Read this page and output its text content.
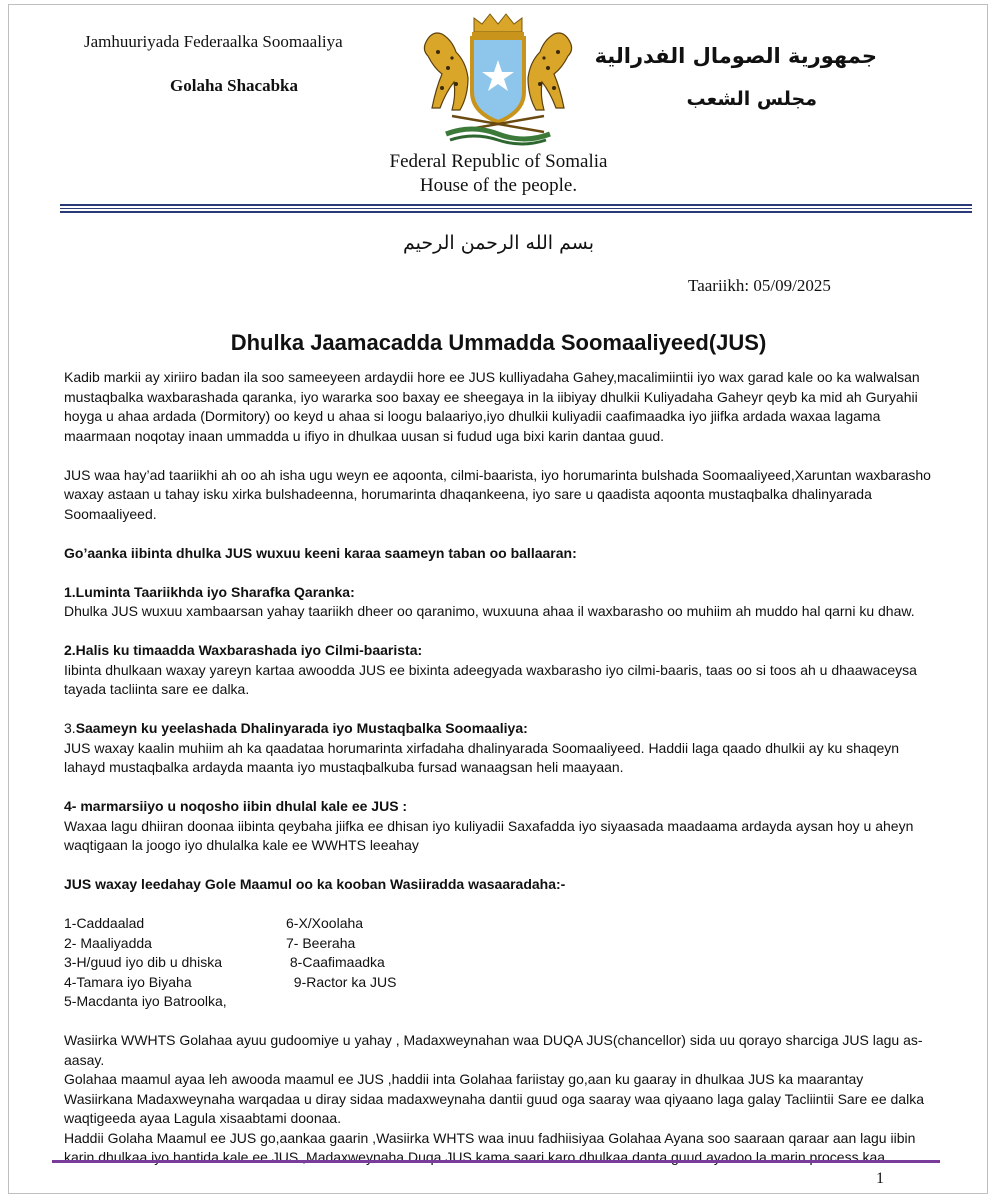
Jamhuuriyada Federaalka Soomaaliya
Golaha Shacabka
جمهورية الصومال الفدرالية
مجلس الشعب
Federal Republic of Somalia
House of the people.
بسم الله الرحمن الرحيم
Taariikh: 05/09/2025
Dhulka Jaamacadda Ummadda Soomaaliyeed(JUS)

Kadib markii ay xiriiro badan ila soo sameeyeen ardaydii hore ee JUS kulliyadaha Gahey,macalimiintii iyo wax garad kale oo ka walwalsan mustaqbalka waxbarashada qaranka, iyo wararka soo baxay ee sheegaya in la iibiyay dhulkii Kuliyadaha Gaheyr qeyb ka mid ah Guryahii hoyga u ahaa ardada (Dormitory) oo keyd u ahaa si loogu balaariyo,iyo dhulkii kuliyadii caafimaadka iyo jiifka ardada waxaa lagama maarmaan noqotay inaan ummadda u ifiyo in dhulkaa uusan si fudud uga bixi karin dantaa guud.

JUS waa hay’ad taariikhi ah oo ah isha ugu weyn ee aqoonta, cilmi-baarista, iyo horumarinta bulshada Soomaaliyeed,Xaruntan waxbarasho waxay astaan u tahay isku xirka bulshadeenna, horumarinta dhaqankeena, iyo sare u qaadista aqoonta mustaqbalka dhalinyarada Soomaaliyeed.

Go’aanka iibinta dhulka JUS wuxuu keeni karaa saameyn taban oo ballaaran:

1.Luminta Taariikhda iyo Sharafka Qaranka:
Dhulka JUS wuxuu xambaarsan yahay taariikh dheer oo qaranimo, wuxuuna ahaa il waxbarasho oo muhiim ah muddo hal qarni ku dhaw.

2.Halis ku timaadda Waxbarashada iyo Cilmi-baarista:
Iibinta dhulkaan waxay yareyn kartaa awoodda JUS ee bixinta adeegyada waxbarasho iyo cilmi-baaris, taas oo si toos ah u dhaawaceysa tayada tacliinta sare ee dalka.

3.Saameyn ku yeelashada Dhalinyarada iyo Mustaqbalka Soomaaliya:
JUS waxay kaalin muhiim ah ka qaadataa horumarinta xirfadaha dhalinyarada Soomaaliyeed. Haddii laga qaado dhulkii ay ku shaqeyn lahayd mustaqbalka ardayda maanta iyo mustaqbalkuba fursad wanaagsan heli maayaan.

4- marmarsiiyo u noqosho iibin dhulal kale ee JUS :
Waxaa lagu dhiiran doonaa iibinta qeybaha jiifka ee dhisan iyo kuliyadii Saxafadda iyo siyaasada maadaama ardayda aysan hoy u aheyn waqtigaan la joogo iyo dhulalka kale ee WWHTS leeahay

JUS waxay leedahay Gole Maamul oo ka kooban Wasiiradda wasaaradaha:-

1-Caddaalad	6-X/Xoolaha
2- Maaliyadda	7- Beeraha
3-H/guud iyo dib u dhiska	8-Caafimaadka
4-Tamara iyo Biyaha	9-Ractor ka JUS
5-Macdanta iyo Batroolka,

Wasiirka WWHTS Golahaa ayuu gudoomiye u yahay , Madaxweynahan waa DUQA JUS(chancellor) sida uu qorayo sharciga JUS lagu as-aasay.

Golahaa maamul ayaa leh awooda maamul ee JUS ,haddii inta Golahaa fariistay go,aan ku gaaray in dhulkaa JUS ka maarantay Wasiirkana Madaxweynaha warqadaa u diray sidaa madaxweynaha dantii guud oga saaray waa qiyaano laga galay Tacliintii Sare ee dalka waqtigeeda ayaa Lagula xisaabtami doonaa.

Haddii Golaha Maamul ee JUS go,aankaa gaarin ,Wasiirka WHTS waa inuu fadhiisiyaa Golahaa Ayana soo saaraan qaraar aan lagu iibin karin dhulkaa iyo hantida kale ee JUS ,Madaxweynaha Duqa JUS kama saari karo dhulkaa danta guud ayadoo la marin process kaa.

1
